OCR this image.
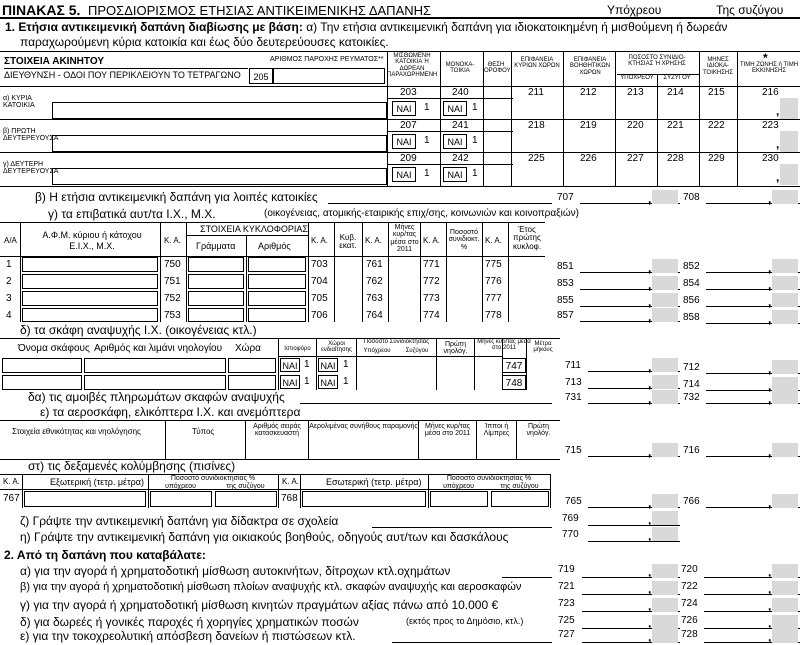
ΠΙΝΑΚΑΣ 5. ΠΡΟΣΔΙΟΡΙΣΜΟΣ ΕΤΗΣΙΑΣ ΑΝΤΙΚΕΙΜΕΝΙΚΗΣ ΔΑΠΑΝΗΣ	Υπόχρεου	Της συζύγου
1. Ετήσια αντικειμενική δαπάνη διαβίωσης με βάση: α) Την ετήσια αντικειμενική δαπάνη για ιδιοκατοικημένη ή μισθούμενη ή δωρεάν
παραχωρούμενη κύρια κατοικία και έως δύο δευτερεύουσες κατοικίες.
ΣΤΟΙΧΕΙΑ ΑΚΙΝΗΤΟΥ
ΔΙΕΥΘΥΝΣΗ - ΟΔΟΙ ΠΟΥ ΠΕΡΙΚΛΕΙΟΥΝ ΤΟ ΤΕΤΡΑΓΩΝΟ
ΑΡΙΘΜΟΣ ΠΑΡΟΧΗΣ ΡΕΥΜΑΤΟΣ**
205
ΜΙΣΘΩΜΕΝΗ ΚΑΤΟΙΚΙΑ Ή ΔΩΡΕΑΝ ΠΑΡΑΧΩΡΗΜΕΝΗ
ΜΟΝΟΚΑ-ΤΟΙΚΙΑ
ΘΕΣΗ ΟΡΟΦΟΥ
ΕΠΙΦΑΝΕΙΑ ΚΥΡΙΩΝ ΧΩΡΩΝ
ΕΠΙΦΑΝΕΙΑ ΒΟΗΘΗΤΙΚΩΝ ΧΩΡΩΝ
ΠΟΣΟΣΤΟ ΣΥΝΙΔΙΟ-ΚΤΗΣΙΑΣ Ή ΧΡΗΣΗΣ
ΥΠΟΧΡΕΟΥ	ΣΥΖΥΓΟΥ
ΜΗΝΕΣ ΙΔΙΟΚΑ-ΤΟΙΚΗΣΗΣ
*
ΤΙΜΗ ΖΩΝΗΣ ή ΤΙΜΗ ΕΚΚΙΝΗΣΗΣ
α) ΚΥΡΙΑ ΚΑΤΟΙΚΙΑ
203	240	211	212	213 214 215	216
ΝΑΙ	1	ΝΑΙ 1	,
β) ΠΡΩΤΗ ΔΕΥΤΕΡΕΥΟΥΣΑ
207	241	218	219	220 221 222	223
ΝΑΙ	1	ΝΑΙ 1	,
γ) ΔΕΥΤΕΡΗ ΔΕΥΤΕΡΕΥΟΥΣΑ
209	242	225	226	227 228 229	230
ΝΑΙ	1	ΝΑΙ 1	,
β) Η ετήσια αντικειμενική δαπάνη για λοιπές κατοικίες	707	,	708	,
γ) τα επιβατικά αυτ/τα Ι.Χ., Μ.Χ.	(οικογένειας, ατομικής-εταιρικής επιχ/σης, κοινωνιών και κοινοπραξιών)
Α/Α
Α.Φ.Μ. κύριου ή κάτοχου Ε.Ι.Χ., Μ.Χ.
Κ. Α.
ΣΤΟΙΧΕΙΑ ΚΥΚΛΟΦΟΡΙΑΣ
Γράμματα	Αριθμός
Κ. Α.	Κυβ. εκατ.
Κ. Α.
Μήνες κυρ/τας μέσα στο 2011
Κ. Α.
Ποσοστό συνιδιοκτ. %
Κ. Α.
Έτος πρώτης κυκλοφ.
1	750	703	761	771	775	851	,	852	,
2	751	704	762	772	776	853	,	854	,
3	752	705	763	773	777	855	,	856	,
4	753	706	764	774	778	857	,	858	,
δ) τα σκάφη αναψυχής Ι.Χ. (οικογένειας κτλ.)
Όνομα σκάφους Αριθμός και λιμάνι νηολογίου Χώρα	Ιστιοφόρο
Χώροι ενδιαίτησης
Ποσοστό Συνιδιοκτησίας
Υπόχρεου	Συζύγου
Πρώτη νηολόγ.
Μήνες κυρ/τας μέσα στο 2011
Μέτρα μήκους
ΝΑΙ 1 ΝΑΙ 1	747	711	,	712	,
ΝΑΙ 1 ΝΑΙ 1	748	713	,	714	,
δα) τις αμοιβές πληρωμάτων σκαφών αναψυχής	731	,	732	,
ε) τα αεροσκάφη, ελικόπτερα Ι.Χ. και ανεμόπτερα
Στοιχεία εθνικότητας και νηολόγησης	Τύπος
Αριθμός σειράς κατασκευαστή
Αερολιμένας συνήθους παραμονής	Μήνες κυρ/τας μέσα στο 2011
Ίπποι ή Λίμπρες
Πρώτη νηολόγ.
715	,	716	,
στ) τις δεξαμενές κολύμβησης (πισίνες)
Κ. Α.	Εξωτερική (τετρ. μέτρα)	Ποσοστό συνιδιοκτησίας %
υπόχρεου	της συζύγου
Κ. Α.	Εσωτερική (τετρ. μέτρα)	Ποσοστό συνιδιοκτησίας %
υπόχρεου	της συζύγου
767	768	765	,	766	,
ζ) Γράψτε την αντικειμενική δαπάνη για δίδακτρα σε σχολεία	769	,
η) Γράψτε την αντικειμενική δαπάνη για οικιακούς βοηθούς, οδηγούς αυτ/των και δασκάλους	770	,
2. Από τη δαπάνη που καταβάλατε:
α) για την αγορά ή χρηματοδοτική μίσθωση αυτοκινήτων, δίτροχων κτλ.οχημάτων	719	,	720	,
β) για την αγορά ή χρηματοδοτική μίσθωση πλοίων αναψυχής κτλ. σκαφών αναψυχής και αεροσκαφών	721	,	722	,
γ) για την αγορά ή χρηματοδοτική μίσθωση κινητών πραγμάτων αξίας πάνω από 10.000 €	723	,	724	,
δ) για δωρεές ή γονικές παροχές ή χορηγίες χρηματικών ποσών	(εκτός προς το Δημόσιο, κτλ.)	725	,	726	,
ε) για την τοκοχρεολυτική απόσβεση δανείων ή πιστώσεων κτλ.	727	,	728	,
